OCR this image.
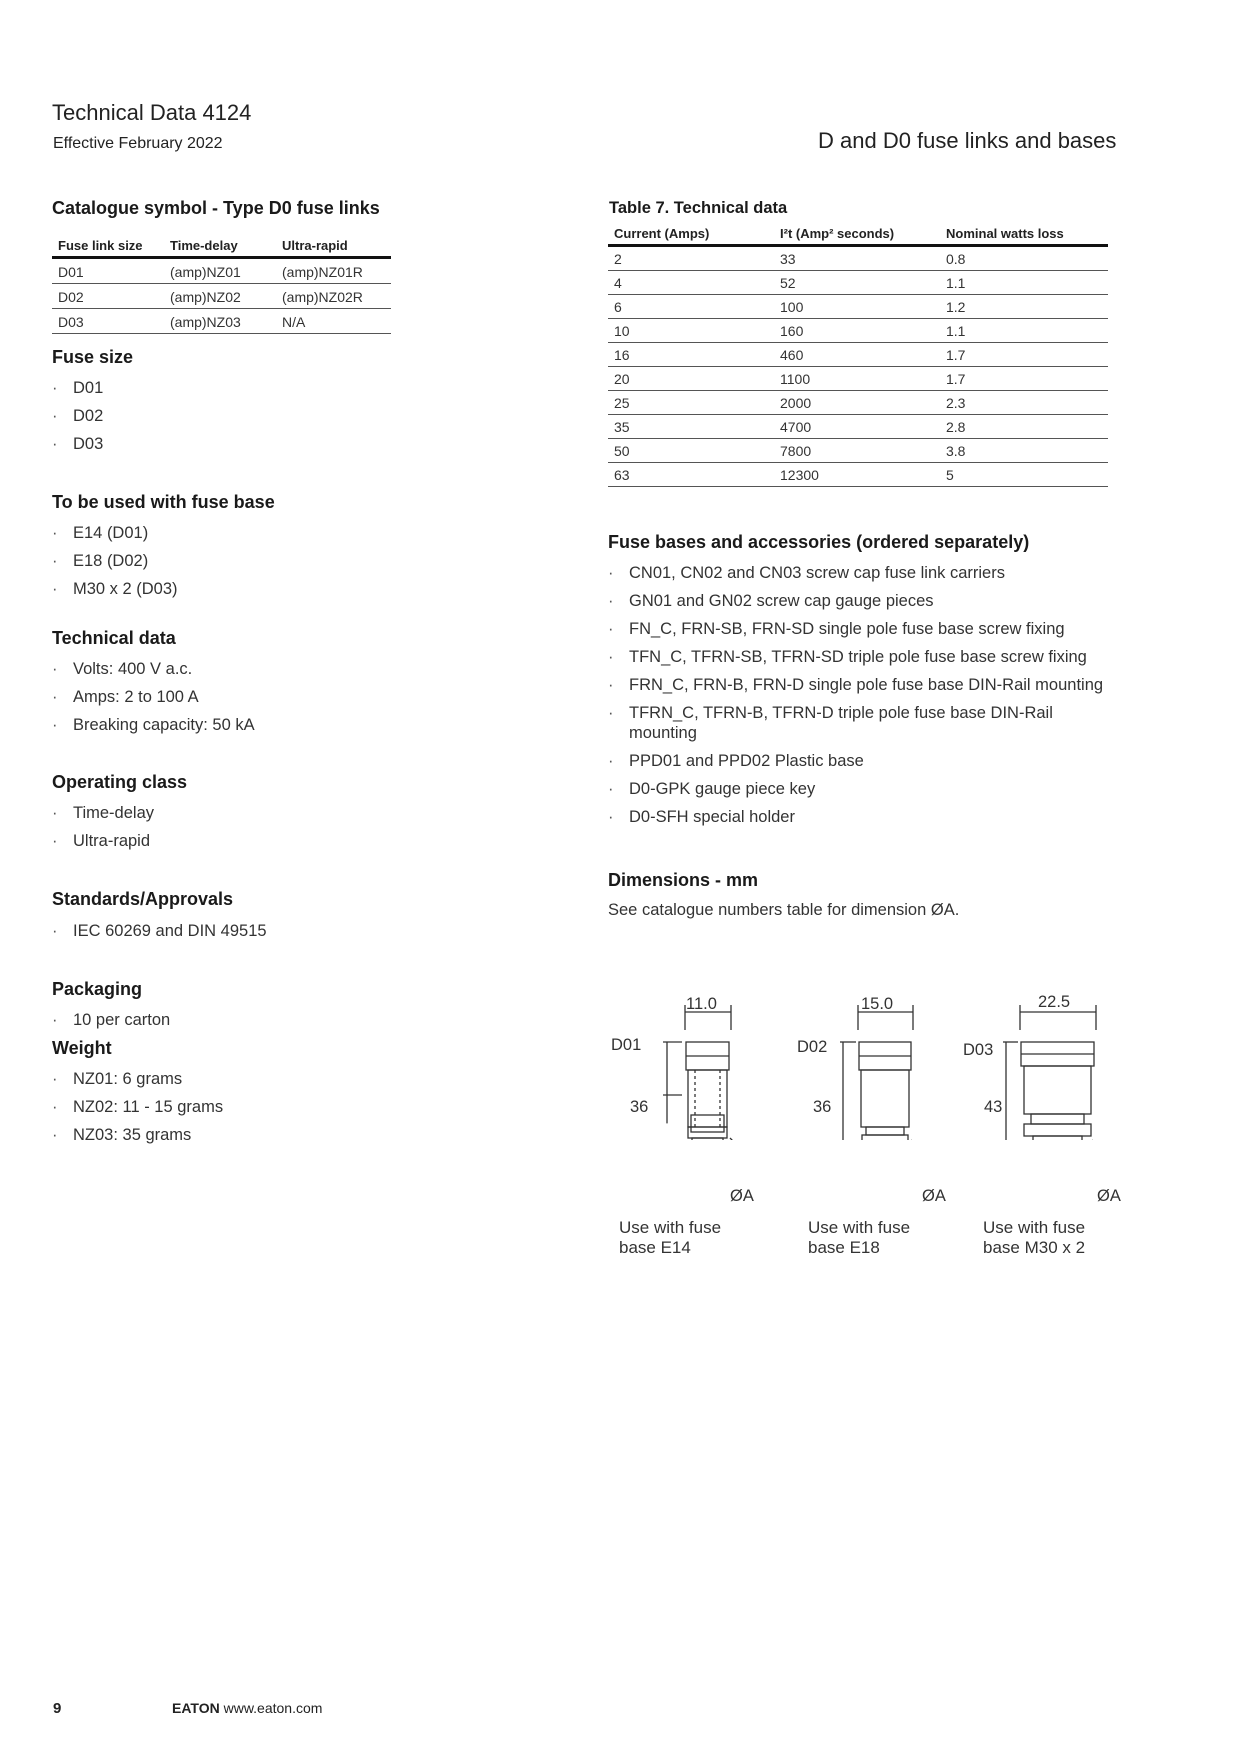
Technical Data 4124
Effective February 2022	D and D0 fuse links and bases
Catalogue symbol - Type D0 fuse links
Fuse link size	Time-delay	Ultra-rapid
D01	(amp)NZ01	(amp)NZ01R
D02	(amp)NZ02	(amp)NZ02R
D03	(amp)NZ03	N/A
Fuse size
· D01
· D02
· D03
To be used with fuse base
· E14 (D01)
· E18 (D02)
· M30 x 2 (D03)
Technical data
· Volts: 400 V a.c.
· Amps: 2 to 100 A
· Breaking capacity: 50 kA
Operating class
· Time-delay
· Ultra-rapid
Standards/Approvals
· IEC 60269 and DIN 49515
Packaging
· 10 per carton
Weight
· NZ01: 6 grams
· NZ02: 11 - 15 grams
· NZ03: 35 grams
Table 7. Technical data
Current (Amps)	I²t (Amp² seconds)	Nominal watts loss
2	33	0.8
4	52	1.1
6	100	1.2
10	160	1.1
16	460	1.7
20	1100	1.7
25	2000	2.3
35	4700	2.8
50	7800	3.8
63	12300	5
Fuse bases and accessories (ordered separately)
· CN01, CN02 and CN03 screw cap fuse link carriers
· GN01 and GN02 screw cap gauge pieces
· FN_C, FRN-SB, FRN-SD single pole fuse base screw fixing
· TFN_C, TFRN-SB, TFRN-SD triple pole fuse base screw fixing
· FRN_C, FRN-B, FRN-D single pole fuse base DIN-Rail mounting
· TFRN_C, TFRN-B, TFRN-D triple pole fuse base DIN-Rail mounting
· PPD01 and PPD02 Plastic base
· D0-GPK gauge piece key
· D0-SFH special holder
Dimensions - mm
See catalogue numbers table for dimension ØA.
11.0
D01
36
ØA
Use with fuse
base E14
15.0
D02
36
ØA
Use with fuse
base E18
22.5
D03
43
ØA
Use with fuse
base M30 x 2
9	EATON www.eaton.com
